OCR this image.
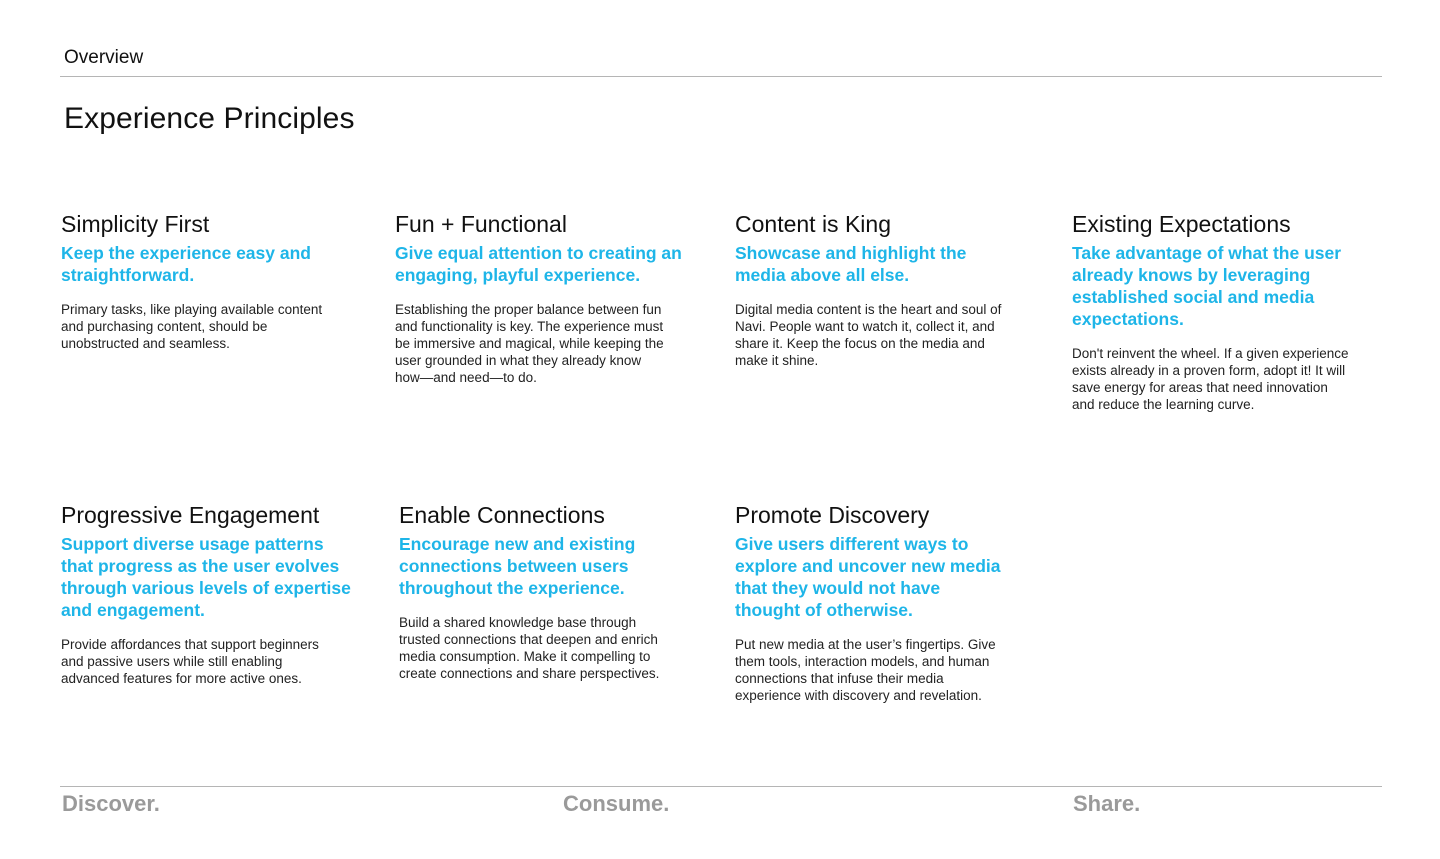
Overview
Experience Principles
Simplicity First

Keep the experience easy and straightforward.

Primary tasks, like playing available content and purchasing content, should be unobstructed and seamless.

Fun + Functional

Give equal attention to creating an engaging, playful experience.

Establishing the proper balance between fun and functionality is key. The experience must be immersive and magical, while keeping the user grounded in what they already know how—and need—to do.

Content is King

Showcase and highlight the media above all else.

Digital media content is the heart and soul of Navi. People want to watch it, collect it, and share it. Keep the focus on the media and make it shine.

Existing Expectations

Take advantage of what the user already knows by leveraging established social and media expectations.

Don't reinvent the wheel. If a given experience exists already in a proven form, adopt it! It will save energy for areas that need innovation and reduce the learning curve.

Progressive Engagement

Support diverse usage patterns that progress as the user evolves through various levels of expertise and engagement.

Provide affordances that support beginners and passive users while still enabling advanced features for more active ones.

Enable Connections

Encourage new and existing connections between users throughout the experience.

Build a shared knowledge base through trusted connections that deepen and enrich media consumption. Make it compelling to create connections and share perspectives.

Promote Discovery

Give users different ways to explore and uncover new media that they would not have thought of otherwise.

Put new media at the user’s fingertips. Give them tools, interaction models, and human connections that infuse their media experience with discovery and revelation.

Discover.	Consume.	Share.
